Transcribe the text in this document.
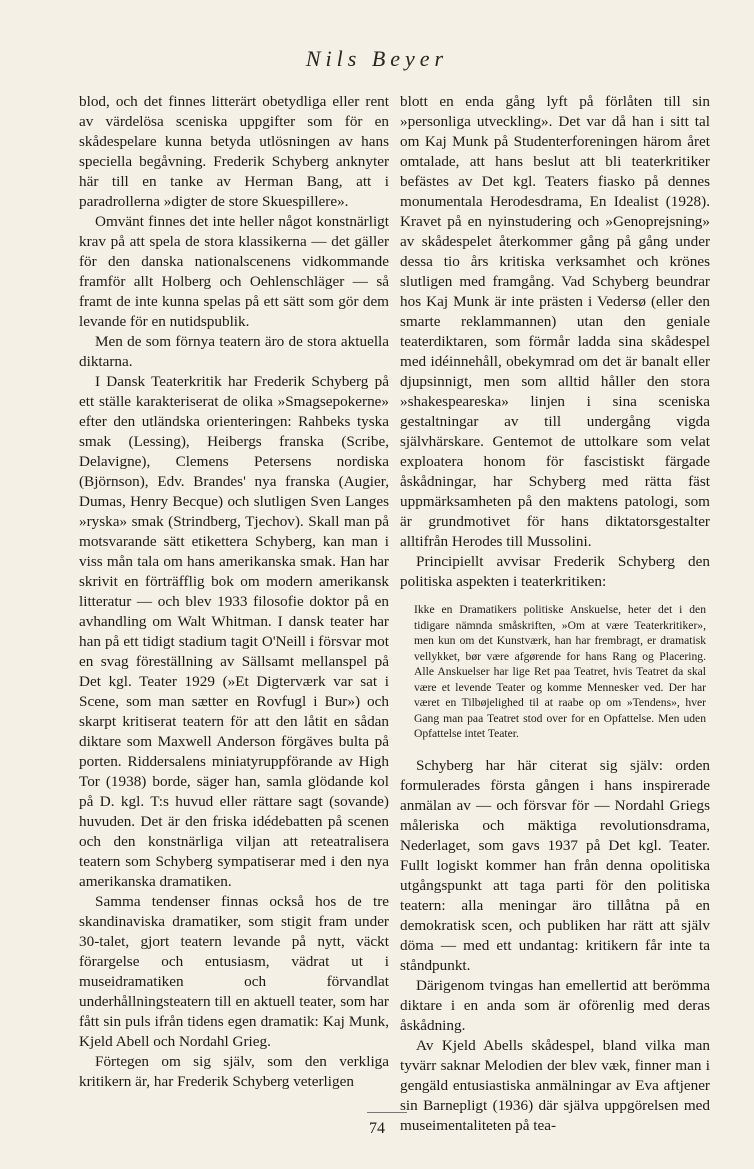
Nils Beyer

blod, och det finnes litterärt obetydliga eller rent av värdelösa sceniska uppgifter som för en skådespelare kunna betyda utlösningen av hans speciella begåvning. Frederik Schyberg anknyter här till en tanke av Herman Bang, att i paradrollerna »digter de store Skuespillere».

Omvänt finnes det inte heller något konstnärligt krav på att spela de stora klassikerna — det gäller för den danska nationalscenens vidkommande framför allt Holberg och Oehlenschläger — så framt de inte kunna spelas på ett sätt som gör dem levande för en nutidspublik.

Men de som förnya teatern äro de stora aktuella diktarna.

I Dansk Teaterkritik har Frederik Schyberg på ett ställe karakteriserat de olika »Smagsepokerne» efter den utländska orienteringen: Rahbeks tyska smak (Lessing), Heibergs franska (Scribe, Delavigne), Clemens Petersens nordiska (Björnson), Edv. Brandes' nya franska (Augier, Dumas, Henry Becque) och slutligen Sven Langes »ryska» smak (Strindberg, Tjechov). Skall man på motsvarande sätt etikettera Schyberg, kan man i viss mån tala om hans amerikanska smak. Han har skrivit en förträfflig bok om modern amerikansk litteratur — och blev 1933 filosofie doktor på en avhandling om Walt Whitman. I dansk teater har han på ett tidigt stadium tagit O'Neill i försvar mot en svag föreställning av Sällsamt mellanspel på Det kgl. Teater 1929 (»Et Digterværk var sat i Scene, som man sætter en Rovfugl i Bur») och skarpt kritiserat teatern för att den låtit en sådan diktare som Maxwell Anderson förgäves bulta på porten. Riddersalens miniatyruppförande av High Tor (1938) borde, säger han, samla glödande kol på D. kgl. T:s huvud eller rättare sagt (sovande) huvuden. Det är den friska idédebatten på scenen och den konstnärliga viljan att reteatralisera teatern som Schyberg sympatiserar med i den nya amerikanska dramatiken.

Samma tendenser finnas också hos de tre skandinaviska dramatiker, som stigit fram under 30-talet, gjort teatern levande på nytt, väckt förargelse och entusiasm, vädrat ut i museidramatiken och förvandlat underhållningsteatern till en aktuell teater, som har fått sin puls ifrån tidens egen dramatik: Kaj Munk, Kjeld Abell och Nordahl Grieg.

Förtegen om sig själv, som den verkliga kritikern är, har Frederik Schyberg veterligen

blott en enda gång lyft på förlåten till sin »personliga utveckling». Det var då han i sitt tal om Kaj Munk på Studenterforeningen härom året omtalade, att hans beslut att bli teaterkritiker befästes av Det kgl. Teaters fiasko på dennes monumentala Herodesdrama, En Idealist (1928). Kravet på en nyinstudering och »Genoprejsning» av skådespelet återkommer gång på gång under dessa tio års kritiska verksamhet och krönes slutligen med framgång. Vad Schyberg beundrar hos Kaj Munk är inte prästen i Vedersø (eller den smarte reklammannen) utan den geniale teaterdiktaren, som förmår ladda sina skådespel med idéinnehåll, obekymrad om det är banalt eller djupsinnigt, men som alltid håller den stora »shakespeareska» linjen i sina sceniska gestaltningar av till undergång vigda självhärskare. Gentemot de uttolkare som velat exploatera honom för fascistiskt färgade åskådningar, har Schyberg med rätta fäst uppmärksamheten på den maktens patologi, som är grundmotivet för hans diktatorsgestalter alltifrån Herodes till Mussolini.

Principiellt avvisar Frederik Schyberg den politiska aspekten i teaterkritiken:

Ikke en Dramatikers politiske Anskuelse, heter det i den tidigare nämnda småskriften, »Om at være Teaterkritiker», men kun om det Kunstværk, han har frembragt, er dramatisk vellykket, bør være afgørende for hans Rang og Placering. Alle Anskuelser har lige Ret paa Teatret, hvis Teatret da skal være et levende Teater og komme Mennesker ved. Der har været en Tilbøjelighed til at raabe op om »Tendens», hver Gang man paa Teatret stod over for en Opfattelse. Men uden Opfattelse intet Teater.

Schyberg har här citerat sig själv: orden formulerades första gången i hans inspirerade anmälan av — och försvar för — Nordahl Griegs måleriska och mäktiga revolutionsdrama, Nederlaget, som gavs 1937 på Det kgl. Teater. Fullt logiskt kommer han från denna opolitiska utgångspunkt att taga parti för den politiska teatern: alla meningar äro tillåtna på en demokratisk scen, och publiken har rätt att själv döma — med ett undantag: kritikern får inte ta ståndpunkt.

Därigenom tvingas han emellertid att berömma diktare i en anda som är oförenlig med deras åskådning.

Av Kjeld Abells skådespel, bland vilka man tyvärr saknar Melodien der blev væk, finner man i gengäld entusiastiska anmälningar av Eva aftjener sin Barnepligt (1936) där själva uppgörelsen med museimentaliteten på tea-

74
